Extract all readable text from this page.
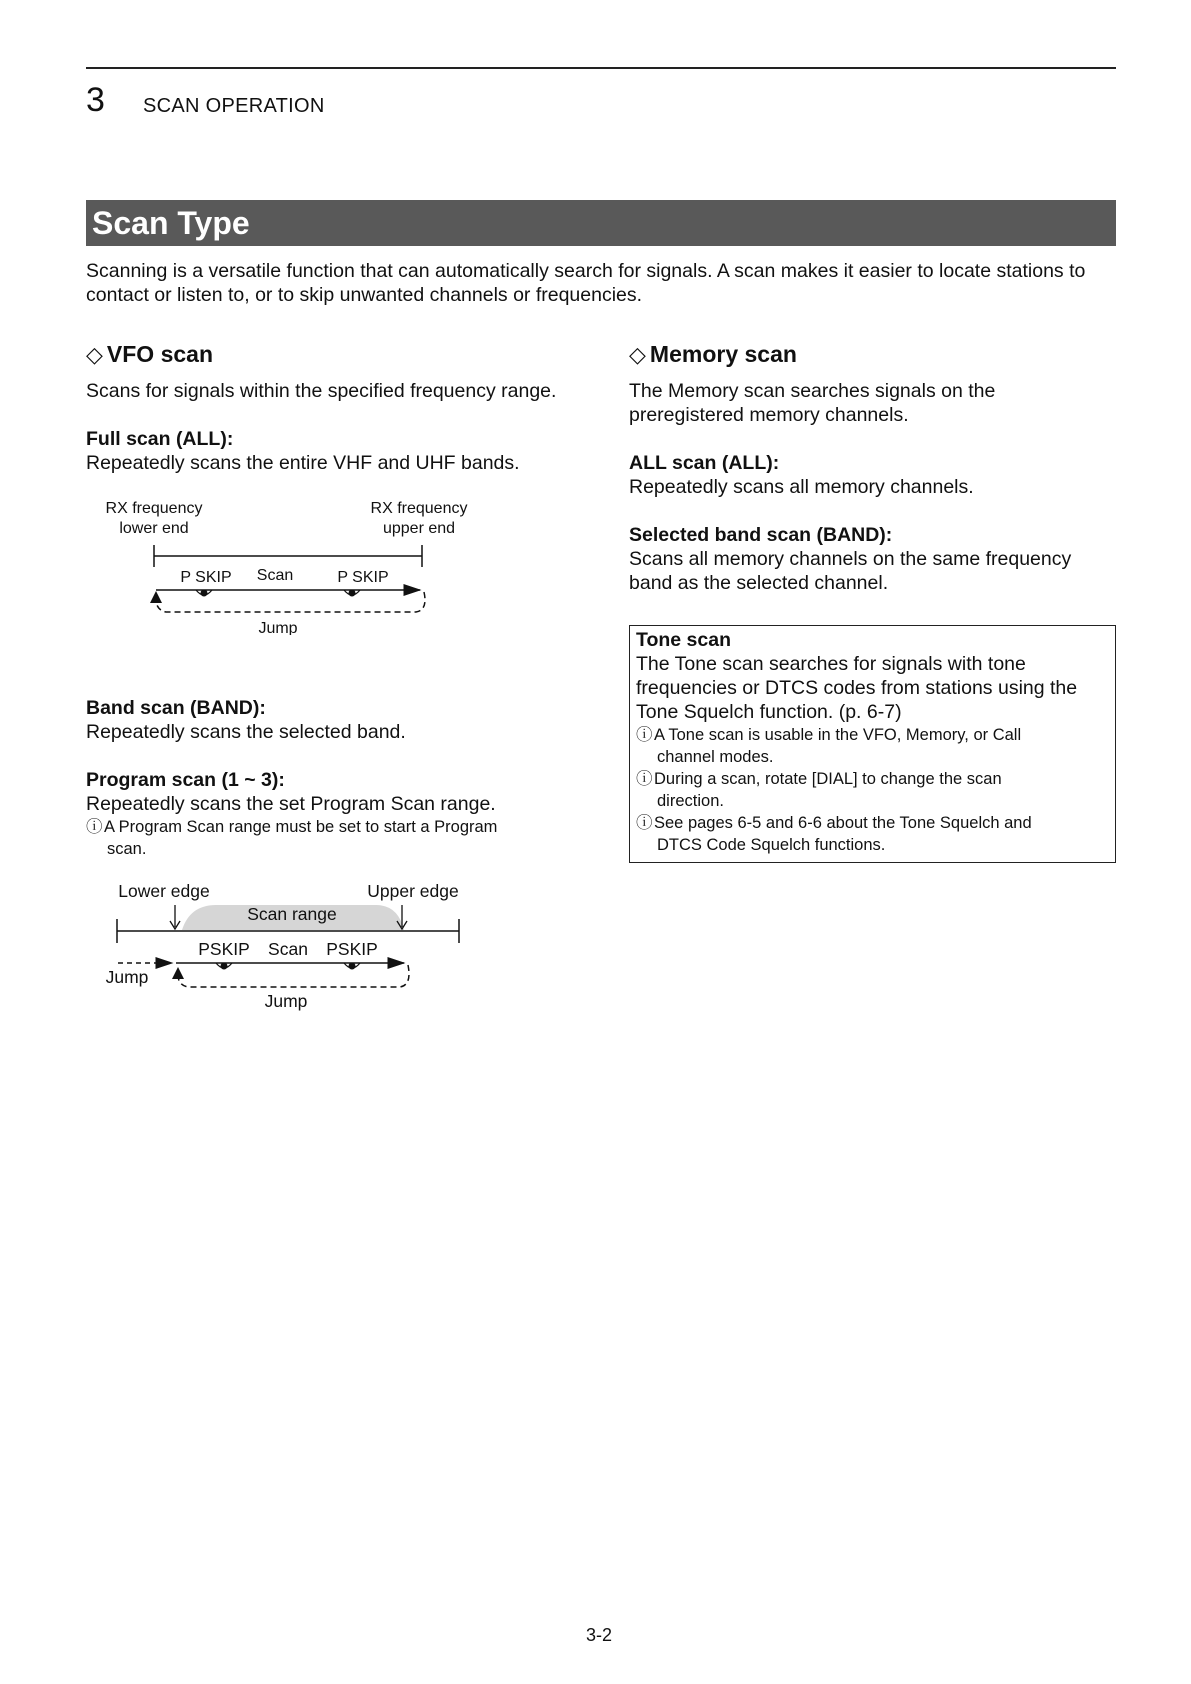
3 SCAN OPERATION
Scan Type
Scanning is a versatile function that can automatically search for signals. A scan makes it easier to locate stations to contact or listen to, or to skip unwanted channels or frequencies.
◇ VFO scan
Scans for signals within the specified frequency range.
Full scan (ALL):
Repeatedly scans the entire VHF and UHF bands.
RX frequency
lower end
RX frequency
upper end
P SKIP Scan	P SKIP
Jump
Band scan (BAND):
Repeatedly scans the selected band.
Program scan (1 ~ 3):
Repeatedly scans the set Program Scan range.
ⓘA Program Scan range must be set to start a Program
scan.
Lower edge	Upper edge
Scan range
PSKIP Scan PSKIP
Jump
Jump
◇ Memory scan
The Memory scan searches signals on the
preregistered memory channels.
ALL scan (ALL):
Repeatedly scans all memory channels.
Selected band scan (BAND):
Scans all memory channels on the same frequency
band as the selected channel.
Tone scan
The Tone scan searches for signals with tone
frequencies or DTCS codes from stations using the
Tone Squelch function. (p. 6-7)
ⓘA Tone scan is usable in the VFO, Memory, or Call
channel modes.
ⓘDuring a scan, rotate [DIAL] to change the scan
direction.
ⓘSee pages 6-5 and 6-6 about the Tone Squelch and
DTCS Code Squelch functions.
3-2
